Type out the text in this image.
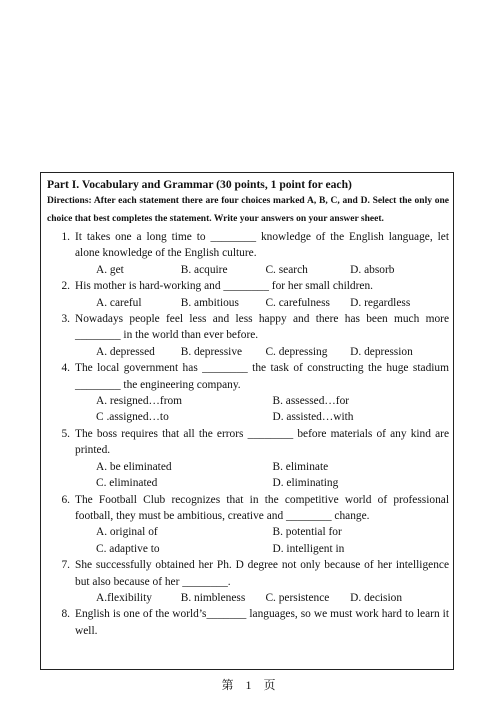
Part I. Vocabulary and Grammar (30 points, 1 point for each)
Directions: After each statement there are four choices marked A, B, C, and D. Select the only one choice that best completes the statement. Write your answers on your answer sheet.
1. It takes one a long time to ________ knowledge of the English language, let alone knowledge of the English culture.
A. get	B. acquire	C. search	D. absorb
2. His mother is hard-working and ________ for her small children.
A. careful	B. ambitious	C. carefulness	D. regardless
3. Nowadays people feel less and less happy and there has been much more ________ in the world than ever before.
A. depressed	B. depressive	C. depressing	D. depression
4. The local government has ________ the task of constructing the huge stadium ________ the engineering company.
A. resigned…from	B. assessed…for
C .assigned…to	D. assisted…with
5. The boss requires that all the errors ________ before materials of any kind are printed.
A. be eliminated	B. eliminate
C. eliminated	D. eliminating
6. The Football Club recognizes that in the competitive world of professional football, they must be ambitious, creative and ________ change.
A. original of	B. potential for
C. adaptive to	D. intelligent in
7. She successfully obtained her Ph. D degree not only because of her intelligence but also because of her ________.
A.flexibility	B. nimbleness	C. persistence	D. decision
8. English is one of the world’s_______ languages, so we must work hard to learn it well.
第    1    页
